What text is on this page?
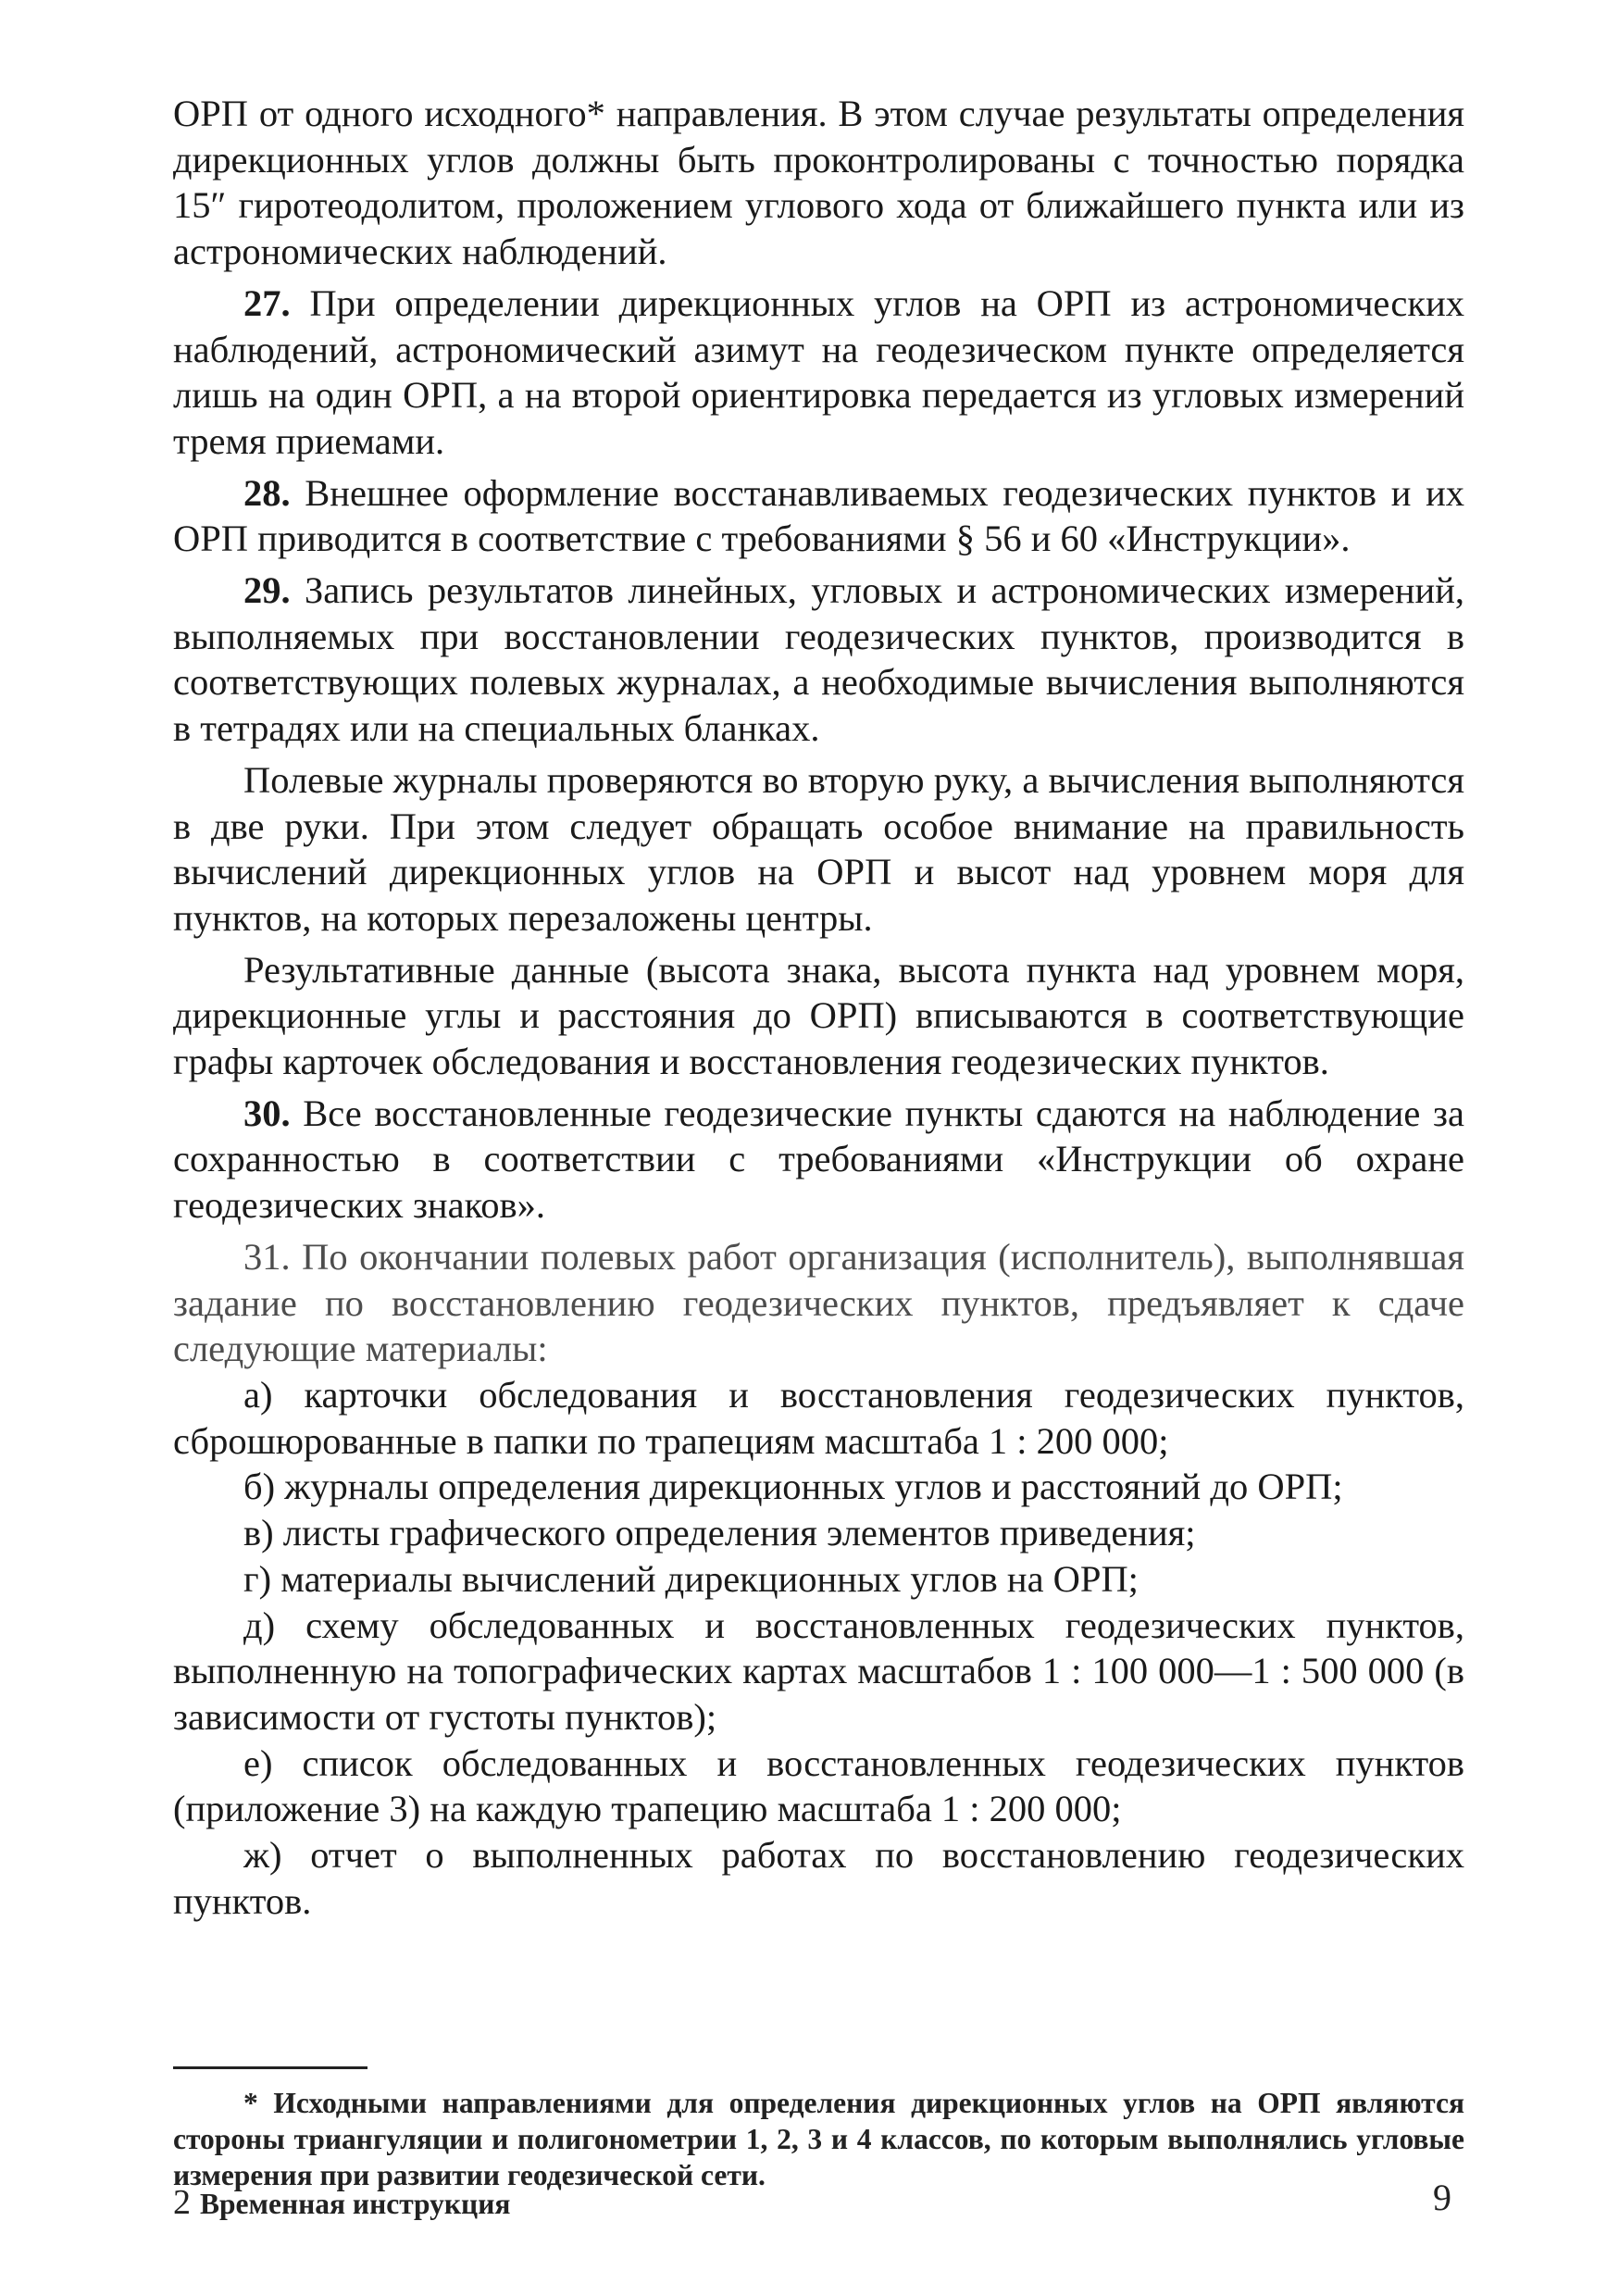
ОРП от одного исходного* направления. В этом случае результаты определения дирекционных углов должны быть проконтролированы с точностью порядка 15″ гиротеодолитом, проложением углового хода от ближайшего пункта или из астрономических наблюдений.

27. При определении дирекционных углов на ОРП из астрономических наблюдений, астрономический азимут на геодезическом пункте определяется лишь на один ОРП, а на второй ориентировка передается из угловых измерений тремя приемами.

28. Внешнее оформление восстанавливаемых геодезических пунктов и их ОРП приводится в соответствие с требованиями § 56 и 60 «Инструкции».

29. Запись результатов линейных, угловых и астрономических измерений, выполняемых при восстановлении геодезических пунктов, производится в соответствующих полевых журналах, а необходимые вычисления выполняются в тетрадях или на специальных бланках.

Полевые журналы проверяются во вторую руку, а вычисления выполняются в две руки. При этом следует обращать особое внимание на правильность вычислений дирекционных углов на ОРП и высот над уровнем моря для пунктов, на которых перезаложены центры.

Результативные данные (высота знака, высота пункта над уровнем моря, дирекционные углы и расстояния до ОРП) вписываются в соответствующие графы карточек обследования и восстановления геодезических пунктов.

30. Все восстановленные геодезические пункты сдаются на наблюдение за сохранностью в соответствии с требованиями «Инструкции об охране геодезических знаков».

31. По окончании полевых работ организация (исполнитель), выполнявшая задание по восстановлению геодезических пунктов, предъявляет к сдаче следующие материалы:

а) карточки обследования и восстановления геодезических пунктов, сброшюрованные в папки по трапециям масштаба 1 : 200 000;

б) журналы определения дирекционных углов и расстояний до ОРП;

в) листы графического определения элементов приведения;

г) материалы вычислений дирекционных углов на ОРП;

д) схему обследованных и восстановленных геодезических пунктов, выполненную на топографических картах масштабов 1 : 100 000—1 : 500 000 (в зависимости от густоты пунктов);

е) список обследованных и восстановленных геодезических пунктов (приложение 3) на каждую трапецию масштаба 1 : 200 000;

ж) отчет о выполненных работах по восстановлению геодезических пунктов.

* Исходными направлениями для определения дирекционных углов на ОРП являются стороны триангуляции и полигонометрии 1, 2, 3 и 4 классов, по которым выполнялись угловые измерения при развитии геодезической сети.

2 Временная инструкция	9
